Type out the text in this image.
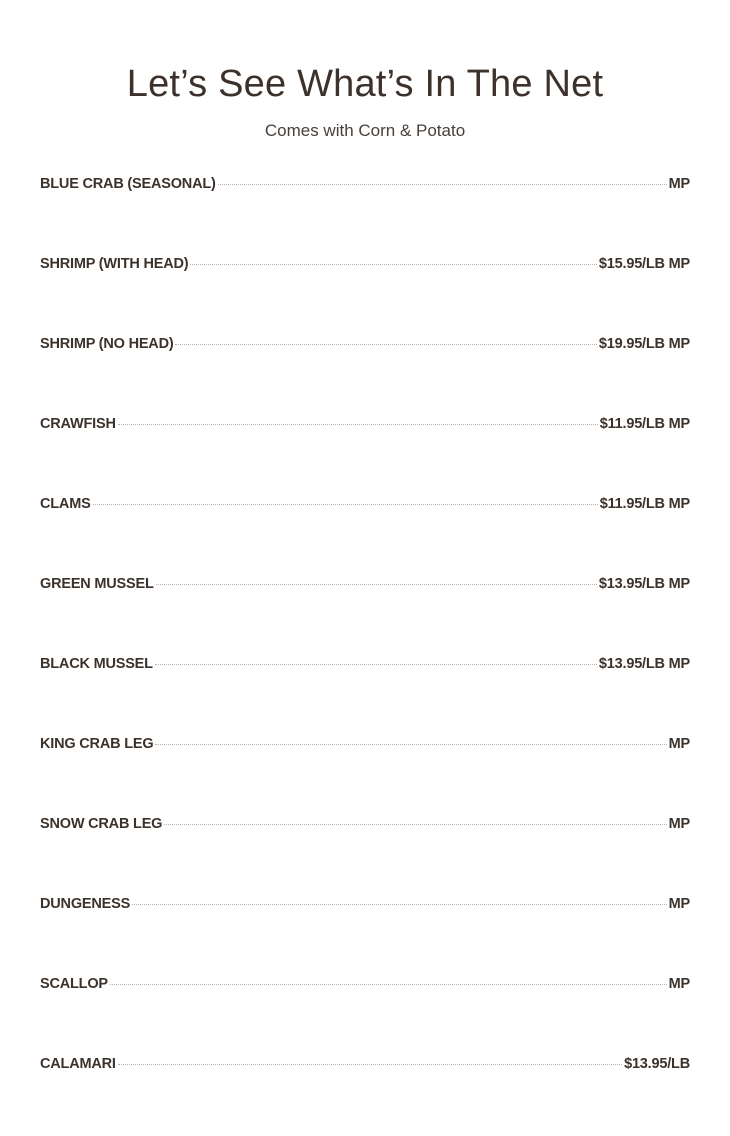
Let’s See What’s In The Net
Comes with Corn & Potato
BLUE CRAB (SEASONAL)	MP
SHRIMP (WITH HEAD)	$15.95/LB MP
SHRIMP (NO HEAD)	$19.95/LB MP
CRAWFISH	$11.95/LB MP
CLAMS	$11.95/LB MP
GREEN MUSSEL	$13.95/LB MP
BLACK MUSSEL	$13.95/LB MP
KING CRAB LEG	MP
SNOW CRAB LEG	MP
DUNGENESS	MP
SCALLOP	MP
CALAMARI	$13.95/LB
